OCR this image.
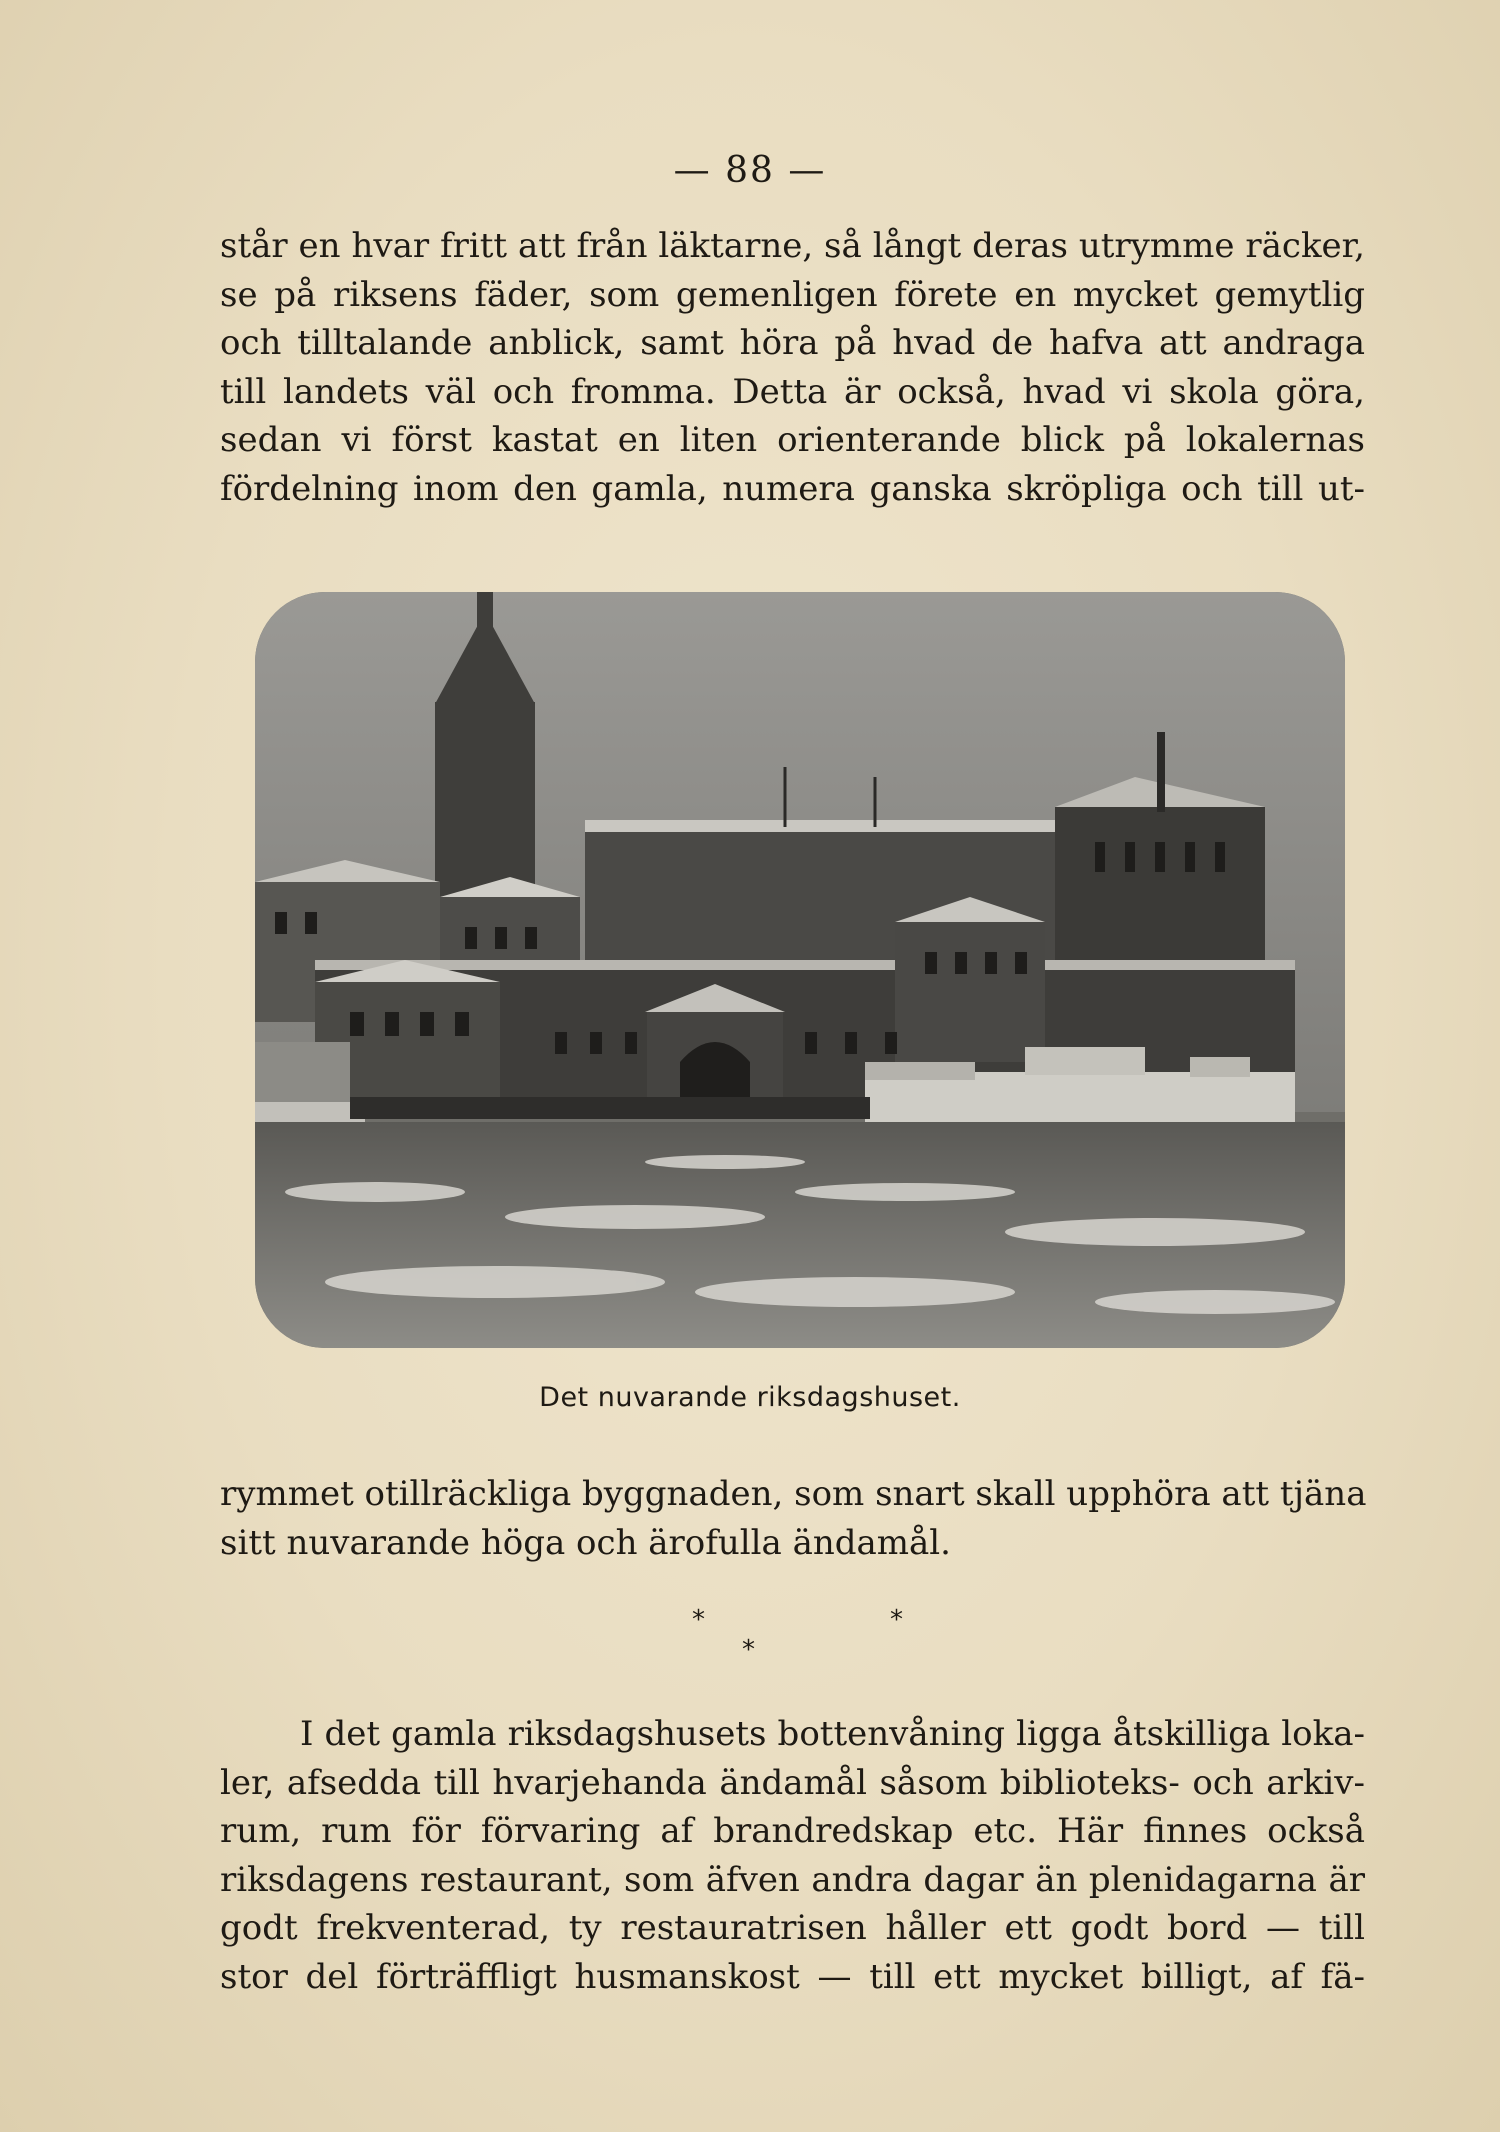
— 88 —
står en hvar fritt att från läktarne, så långt deras utrymme räcker,
se på riksens fäder, som gemenligen förete en mycket gemytlig
och tilltalande anblick, samt höra på hvad de hafva att andraga
till landets väl och fromma. Detta är också, hvad vi skola göra,
sedan vi först kastat en liten orienterande blick på lokalernas
fördelning inom den gamla, numera ganska skröpliga och till ut-
Det nuvarande riksdagshuset.
rymmet otillräckliga byggnaden, som snart skall upphöra att tjäna
sitt nuvarande höga och ärofulla ändamål.
*
*
*
I det gamla riksdagshusets bottenvåning ligga åtskilliga loka-
ler, afsedda till hvarjehanda ändamål såsom biblioteks- och arkiv-
rum, rum för förvaring af brandredskap etc. Här finnes också
riksdagens restaurant, som äfven andra dagar än plenidagarna är
godt frekventerad, ty restauratrisen håller ett godt bord — till
stor del förträffligt husmanskost — till ett mycket billigt, af fä-
